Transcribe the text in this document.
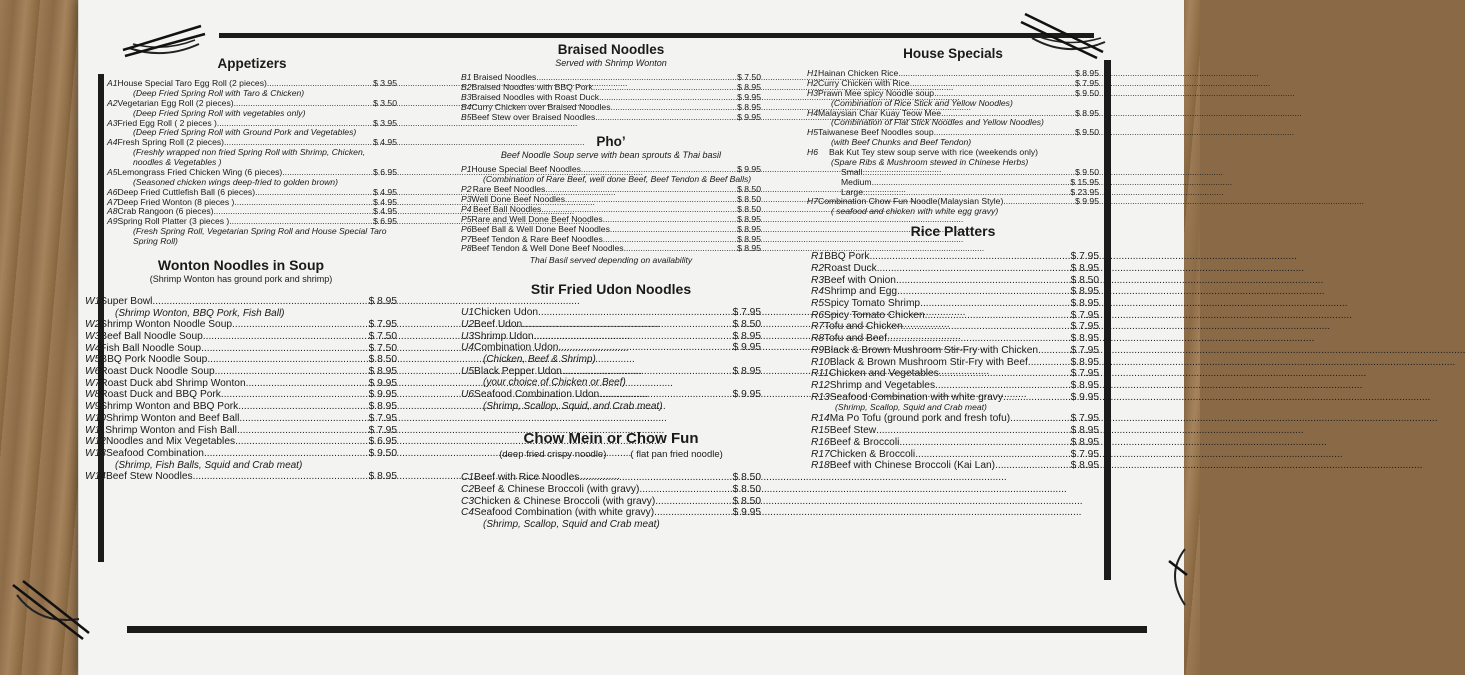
Appetizers
A1 House Special Taro Egg Roll (2 pieces) .....	$ 3.95
(Deep Fried Spring Roll with Taro & Chicken)
A2 Vegetarian Egg Roll (2 pieces) .....	$ 3.50
(Deep Fried Spring Roll with vegetables only)
A3 Fried Egg Roll ( 2 pieces ) .....	$ 3.95
(Deep Fried Spring Roll with Ground Pork and Vegetables)
A4 Fresh Spring Roll (2 pieces) .....	$ 4.95
(Freshly wrapped non fried Spring Roll with Shrimp, Chicken, noodles & Vegetables )
A5 Lemongrass Fried Chicken Wing (6 pieces) .....	$ 6.95
(Seasoned chicken wings deep-fried to golden brown)
A6 Deep Fried Cuttlefish Ball (6 pieces) .....	$ 4.95
A7 Deep Fried Wonton (8 pieces ) .....	$ 4.95
A8 Crab Rangoon (6 pieces) .....	$ 4.95
A9 Spring Roll Platter (3 pieces ) .....	$ 6.95
(Fresh Spring Roll, Vegetarian Spring Roll and House Special Taro Spring Roll)
Wonton Noodles in Soup
(Shrimp Wonton has ground pork and shrimp)
W1 Super Bowl .....	$ 8.95
(Shrimp Wonton, BBQ Pork, Fish Ball)
W2 Shrimp Wonton Noodle Soup .....	$ 7.95
W3 Beef Ball Noodle Soup .....	$ 7.50
W4 Fish Ball Noodle Soup .....	$ 7.50
W5 BBQ Pork Noodle Soup .....	$ 8.50
W6 Roast Duck Noodle Soup .....	$ 8.95
W7 Roast Duck abd Shrimp Wonton .....	$ 9.95
W8 Roast Duck and BBQ Pork .....	$ 9.95
W9 Shrimp Wonton and BBQ Pork .....	$ 8.95
W10 Shrimp Wonton and Beef Ball .....	$ 7.95
W11 Shrimp Wonton and Fish Ball .....	$ 7.95
W12 Noodles and Mix Vegetables .....	$ 6.95
W13 Seafood Combination .....	$ 9.50
(Shrimp, Fish Balls, Squid and Crab meat)
W14 Beef Stew Noodles .....	$ 8.95
Braised Noodles
Served with Shrimp Wonton
B1 Braised Noodles .....	$ 7.50
B2 Braised Noodles with BBQ Pork .....	$ 8.95
B3 Braised Noodles with Roast Duck .....	$ 9.95
B4 Curry Chicken over Braised Noodles .....	$ 8.95
B5 Beef Stew over Braised Noodles .....	$ 9.95
Pho’
Beef Noodle Soup serve with bean sprouts & Thai basil
P1 House Special Beef Noodles .....	$ 9.95
(Combination of Rare Beef, well done Beef, Beef Tendon & Beef Balls)
P2 Rare Beef Noodles .....	$ 8.50
P3 Well Done Beef Noodles .....	$ 8.50
P4 Beef Ball Noodles .....	$ 8.50
P5 Rare and Well Done Beef Noodles .....	$ 8.95
P6 Beef Ball & Well Done Beef Noodles .....	$ 8.95
P7 Beef Tendon & Rare Beef Noodles .....	$ 8.95
P8 Beef Tendon & Well Done Beef Noodles .....	$ 8.95
Thai Basil served depending on availability
Stir Fried Udon Noodles
U1 Chicken Udon .....	$ 7.95
U2 Beef Udon .....	$ 8.50
U3 Shrimp Udon .....	$ 8.95
U4 Combination Udon .....	$ 9.95
(Chicken, Beef & Shrimp)
U5 Black Pepper Udon .....	$ 8.95
(your choice of Chicken or Beef)
U6 Seafood Combination Udon .....	$ 9.95
(Shrimp, Scallop, Squid, and Crab meat)
Chow Mein or Chow Fun
(deep fried crispy noodle)	( flat pan fried noodle)
C1 Beef with Rice Noodles .....	$ 8.50
C2 Beef & Chinese Broccoli (with gravy) .....	$ 8.50
C3 Chicken & Chinese Broccoli (with gravy) .....	$ 8.50
C4 Seafood Combination (with white gravy) .....	$ 9.95
(Shrimp, Scallop, Squid and Crab meat)
House Specials
H1 Hainan Chicken Rice .....	$ 8.95
H2 Curry Chicken with Rice .....	$ 7.95
H3 Prawn Mee spicy Noodle soup .....	$ 9.50
(Combination of Rice Stick and Yellow Noodles)
H4 Malaysian Char Kuay Teow Mee .....	$ 8.95
(Combination of Flat Stick Noodles and Yellow Noodles)
H5 Taiwanese Beef Noodles soup .....	$ 9.50
(with Beef Chunks and Beef Tendon)
H6	Bak Kut Tey stew soup serve with rice (weekends only)
(Spare Ribs & Mushroom stewed in Chinese Herbs)
Small .....	$ 9.50
Medium .....	$ 15.95
Large .....	$ 23.95
H7 Combination Chow Fun Noodle(Malaysian Style) .....	$ 9.95
( seafood and chicken with white egg gravy)
Rice Platters
R1 BBQ Pork .....	$ 7.95
R2 Roast Duck .....	$ 8.95
R3 Beef with Onion .....	$ 8.50
R4 Shrimp and Egg .....	$ 8.95
R5 Spicy Tomato Shrimp .....	$ 8.95
R6 Spicy Tomato Chicken .....	$ 7.95
R7 Tofu and Chicken .....	$ 7.95
R8 Tofu and Beef .....	$ 8.95
R9 Black & Brown Mushroom Stir-Fry with Chicken .....	$ 7.95
R10 Black & Brown Mushroom Stir-Fry with Beef .....	$ 8.95
R11 Chicken and Vegetables .....	$ 7.95
R12 Shrimp and Vegetables .....	$ 8.95
R13 Seafood Combination with white gravy .....	$ 9.95
(Shrimp, Scallop, Squid and Crab meat)
R14 Ma Po Tofu (ground pork and fresh tofu) .....	$ 7.95
R15 Beef Stew .....	$ 8.95
R16 Beef & Broccoli .....	$ 8.95
R17 Chicken & Broccoli .....	$ 7.95
R18 Beef with Chinese Broccoli (Kai Lan) .....	$ 8.95
